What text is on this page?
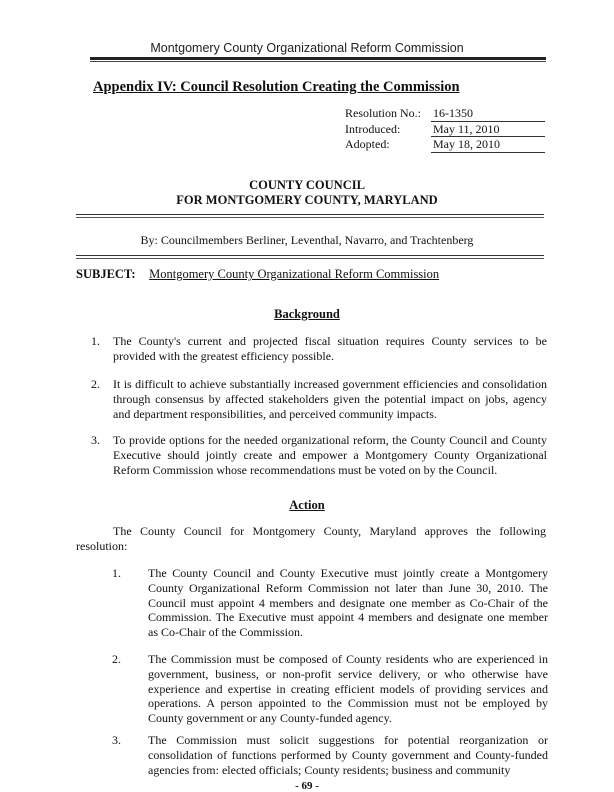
Montgomery County Organizational Reform Commission
Appendix IV: Council Resolution Creating the Commission
Resolution No.: 16-1350
Introduced:	May 11, 2010
Adopted:	May 18, 2010
COUNTY COUNCIL
FOR MONTGOMERY COUNTY, MARYLAND
By: Councilmembers Berliner, Leventhal, Navarro, and Trachtenberg
SUBJECT: Montgomery County Organizational Reform Commission
Background
1.	The County's current and projected fiscal situation requires County services to be provided with the greatest efficiency possible.
2.	It is difficult to achieve substantially increased government efficiencies and consolidation through consensus by affected stakeholders given the potential impact on jobs, agency and department responsibilities, and perceived community impacts.
3.	To provide options for the needed organizational reform, the County Council and County Executive should jointly create and empower a Montgomery County Organizational Reform Commission whose recommendations must be voted on by the Council.
Action
The County Council for Montgomery County, Maryland approves the following resolution:
1.	The County Council and County Executive must jointly create a Montgomery County Organizational Reform Commission not later than June 30, 2010. The Council must appoint 4 members and designate one member as Co-Chair of the Commission. The Executive must appoint 4 members and designate one member as Co-Chair of the Commission.
2.	The Commission must be composed of County residents who are experienced in government, business, or non-profit service delivery, or who otherwise have experience and expertise in creating efficient models of providing services and operations. A person appointed to the Commission must not be employed by County government or any County-funded agency.
3.	The Commission must solicit suggestions for potential reorganization or consolidation of functions performed by County government and County-funded agencies from: elected officials; County residents; business and community
- 69 -
